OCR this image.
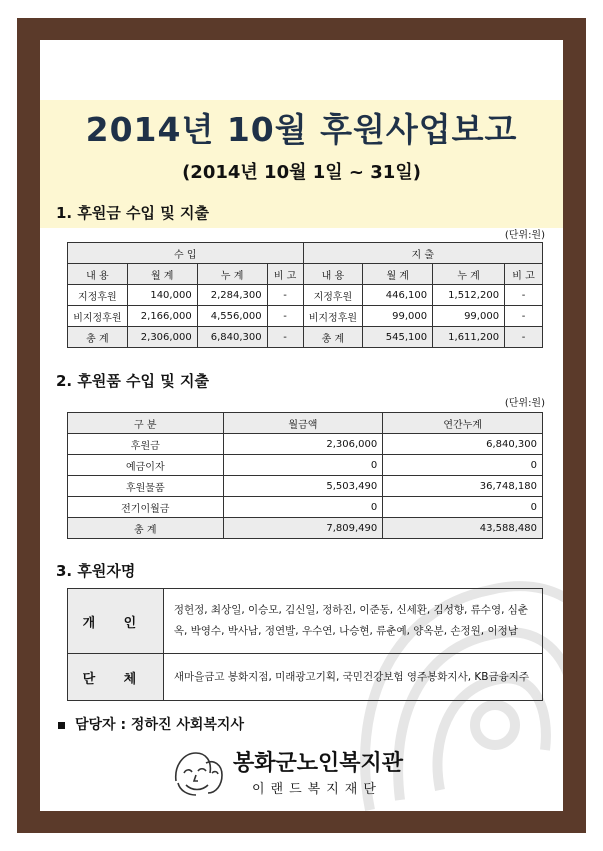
2014년 10월 후원사업보고
(2014년 10월 1일 ~ 31일)
1. 후원금 수입 및 지출
(단위:원)
수 입				지 출			
내 용	월 계	누 계	비 고	내 용	월 계	누 계	비 고
지정후원	140,000	2,284,300	-	지정후원	446,100	1,512,200	-
비지정후원	2,166,000	4,556,000	-	비지정후원	99,000	99,000	-
총 계	2,306,000	6,840,300	-	총 계	545,100	1,611,200	-
2. 후원품 수입 및 지출
(단위:원)
구 분	월금액	연간누계
후원금	2,306,000	6,840,300
예금이자	0	0
후원물품	5,503,490	36,748,180
전기이월금	0	0
총 계	7,809,490	43,588,480
3. 후원자명
개 인	정헌정, 최상일, 이승모, 김신일, 정하진, 이준동, 신세환, 김성향, 류수영, 심춘옥, 박영수, 박사남, 정연발, 우수연, 나승현, 류춘예, 양옥분, 손정원, 이정남
단 체	새마을금고 봉화지점, 미래광고기획, 국민건강보험 영주봉화지사, KB금융지주
담당자 : 정하진 사회복지사
봉화군노인복지관
이랜드복지재단
